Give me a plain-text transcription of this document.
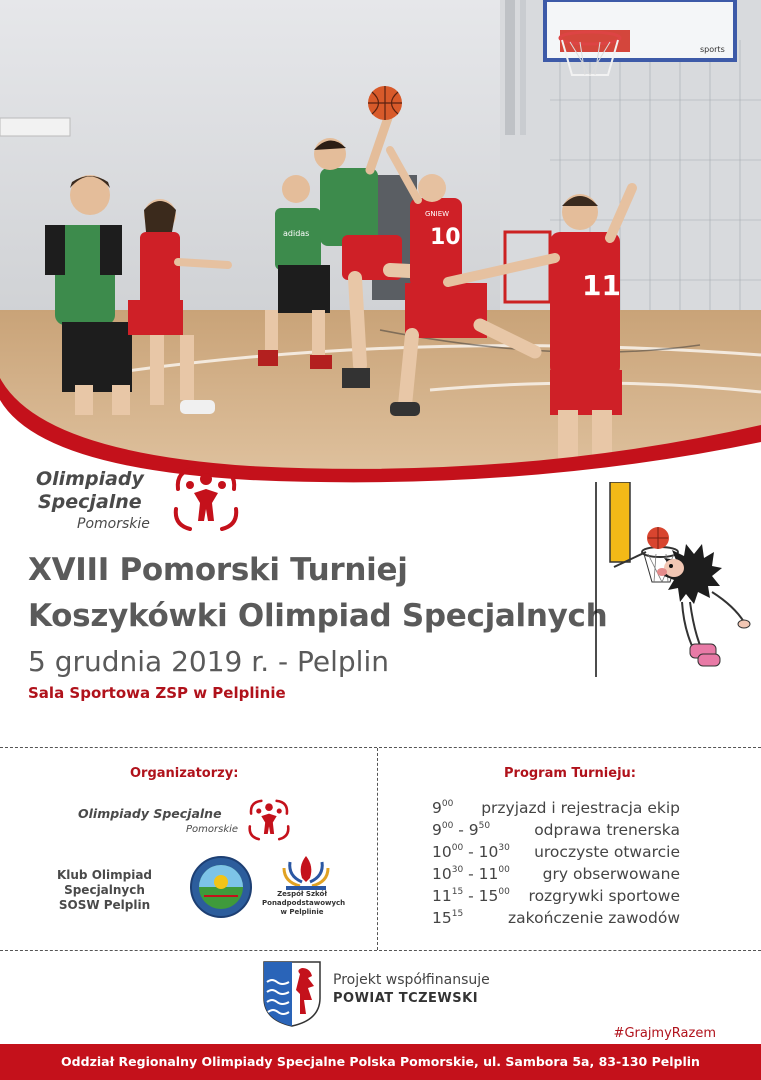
sports
adidas
GNIEW
10
11
Olimpiady
Specjalne
Pomorskie
XVIII Pomorski Turniej
Koszykówki Olimpiad Specjalnych
5 grudnia 2019 r. - Pelplin
Sala Sportowa ZSP w Pelplinie
Organizatorzy:
Olimpiady Specjalne
Pomorskie
Klub Olimpiad Specjalnych
SOSW Pelplin
Zespół Szkół
Ponadpodstawowych
w Pelplinie
Program Turnieju:
$9^{00}$ przyjazd i rejestracja ekip
$9^{00} - 9^{50}$	odprawa trenerska
$10^{00} - 10^{30}$ uroczyste otwarcie
$10^{30} - 11^{00}$ gry obserwowane
$11^{15} - 15^{00}$ rozgrywki sportowe
$15^{15}$	zakończenie zawodów
Projekt współfinansuje
POWIAT TCZEWSKI
#GrajmyRazem
Oddział Regionalny Olimpiady Specjalne Polska Pomorskie, ul. Sambora 5a, 83-130 Pelplin
